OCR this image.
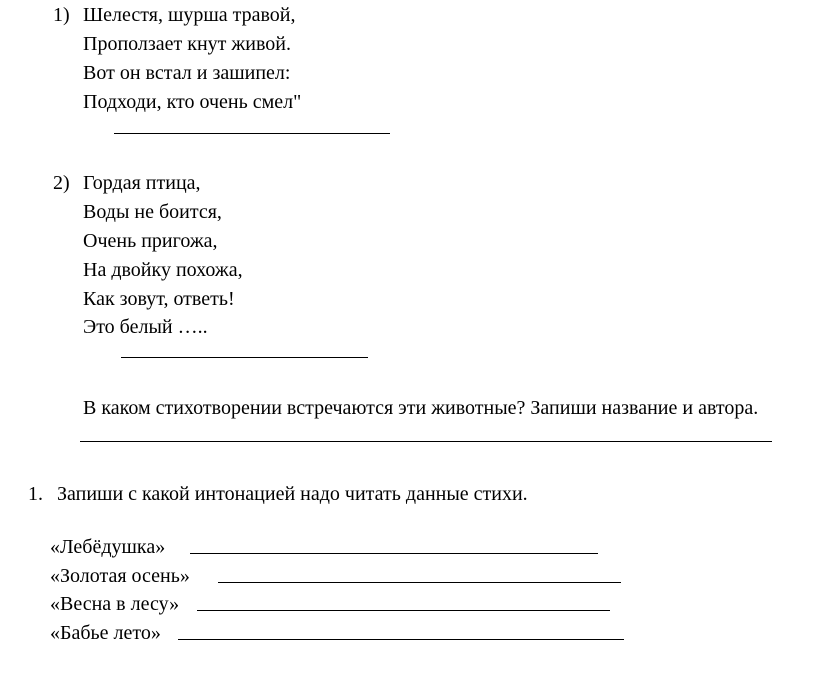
1) Шелестя, шурша травой,
Проползает кнут живой.
Вот он встал и зашипел:
Подходи, кто очень смел"
2) Гордая птица,
Воды не боится,
Очень пригожа,
На двойку похожа,
Как зовут, ответь!
Это белый …..
В каком стихотворении встречаются эти животные? Запиши название и автора.
1. Запиши с какой интонацией надо читать данные стихи.
«Лебёдушка»
«Золотая осень»
«Весна в лесу»
«Бабье лето»
